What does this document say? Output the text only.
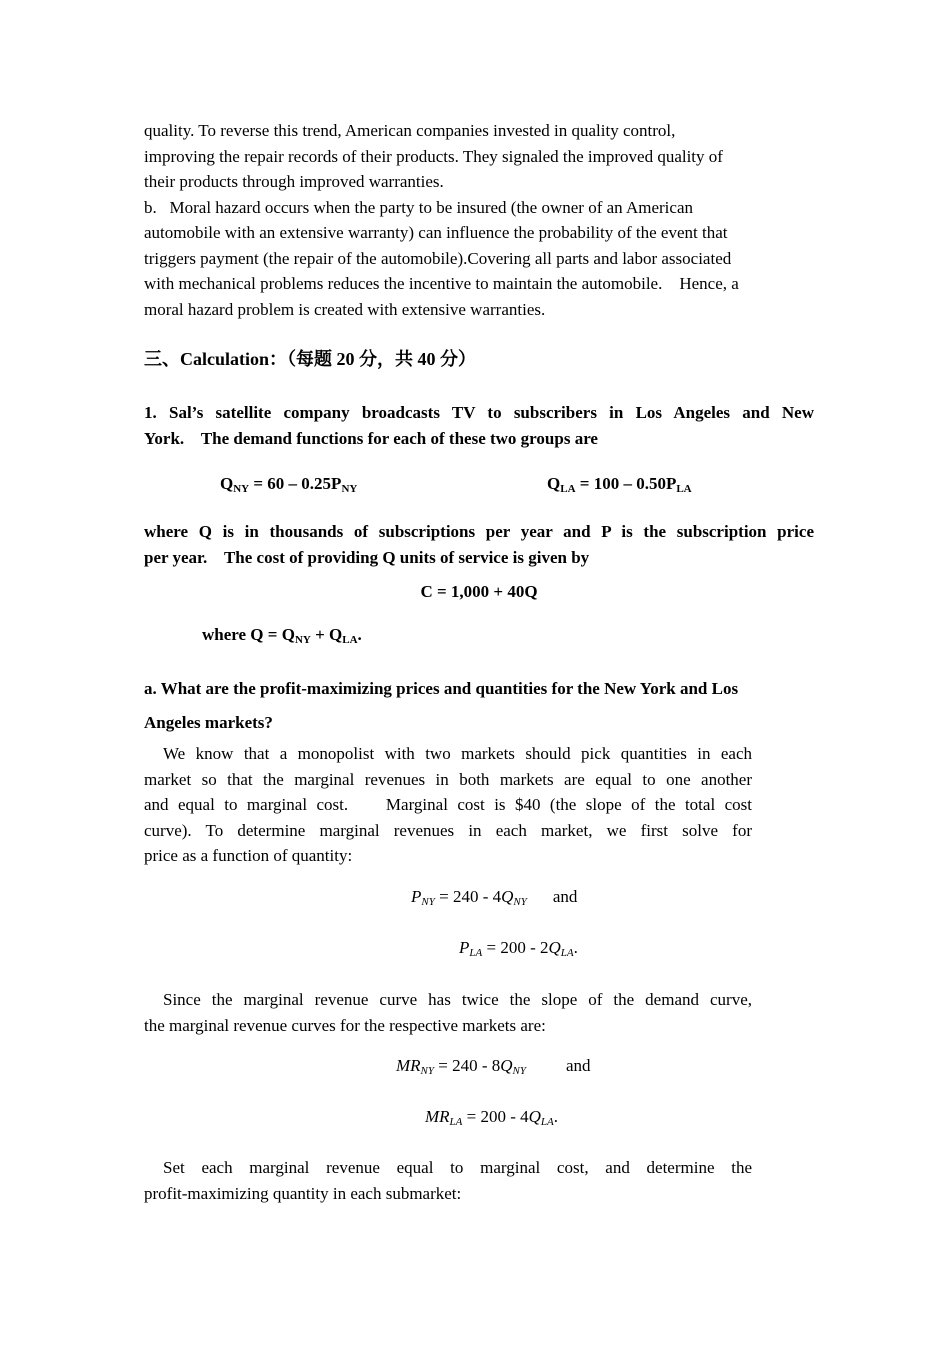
quality. To reverse this trend, American companies invested in quality control,

improving the repair records of their products. They signaled the improved quality of

their products through improved warranties.

b.   Moral hazard occurs when the party to be insured (the owner of an American

automobile with an extensive warranty) can influence the probability of the event that

triggers payment (the repair of the automobile).Covering all parts and labor associated

with mechanical problems reduces the incentive to maintain the automobile.    Hence, a

moral hazard problem is created with extensive warranties.

三、Calculation：（每题 20 分，共 40 分）

1. Sal’s satellite company broadcasts TV to subscribers in Los Angeles and New

York.    The demand functions for each of these two groups are

$Q_{NY} = 60 - 0.25P_{NY}$	$Q_{LA} = 100 - 0.50P_{LA}$

where Q is in thousands of subscriptions per year and P is the subscription price

per year.    The cost of providing Q units of service is given by

C = 1,000 + 40Q

where $Q = Q_{NY} + Q_{LA}$.

a. What are the profit-maximizing prices and quantities for the New York and Los

Angeles markets?

We know that a monopolist with two markets should pick quantities in each

market so that the marginal revenues in both markets are equal to one another

and equal to marginal cost.    Marginal cost is $40 (the slope of the total cost

curve). To determine marginal revenues in each market, we first solve for

price as a function of quantity:

$P_{NY} = 240 - 4Q_{NY}$ and
$P_{LA} = 200 - 2Q_{LA}$.

Since the marginal revenue curve has twice the slope of the demand curve,

the marginal revenue curves for the respective markets are:

$MR_{NY} = 240 - 8Q_{NY}$ and
$MR_{LA} = 200 - 4Q_{LA}$.

Set each marginal revenue equal to marginal cost, and determine the

profit-maximizing quantity in each submarket:
